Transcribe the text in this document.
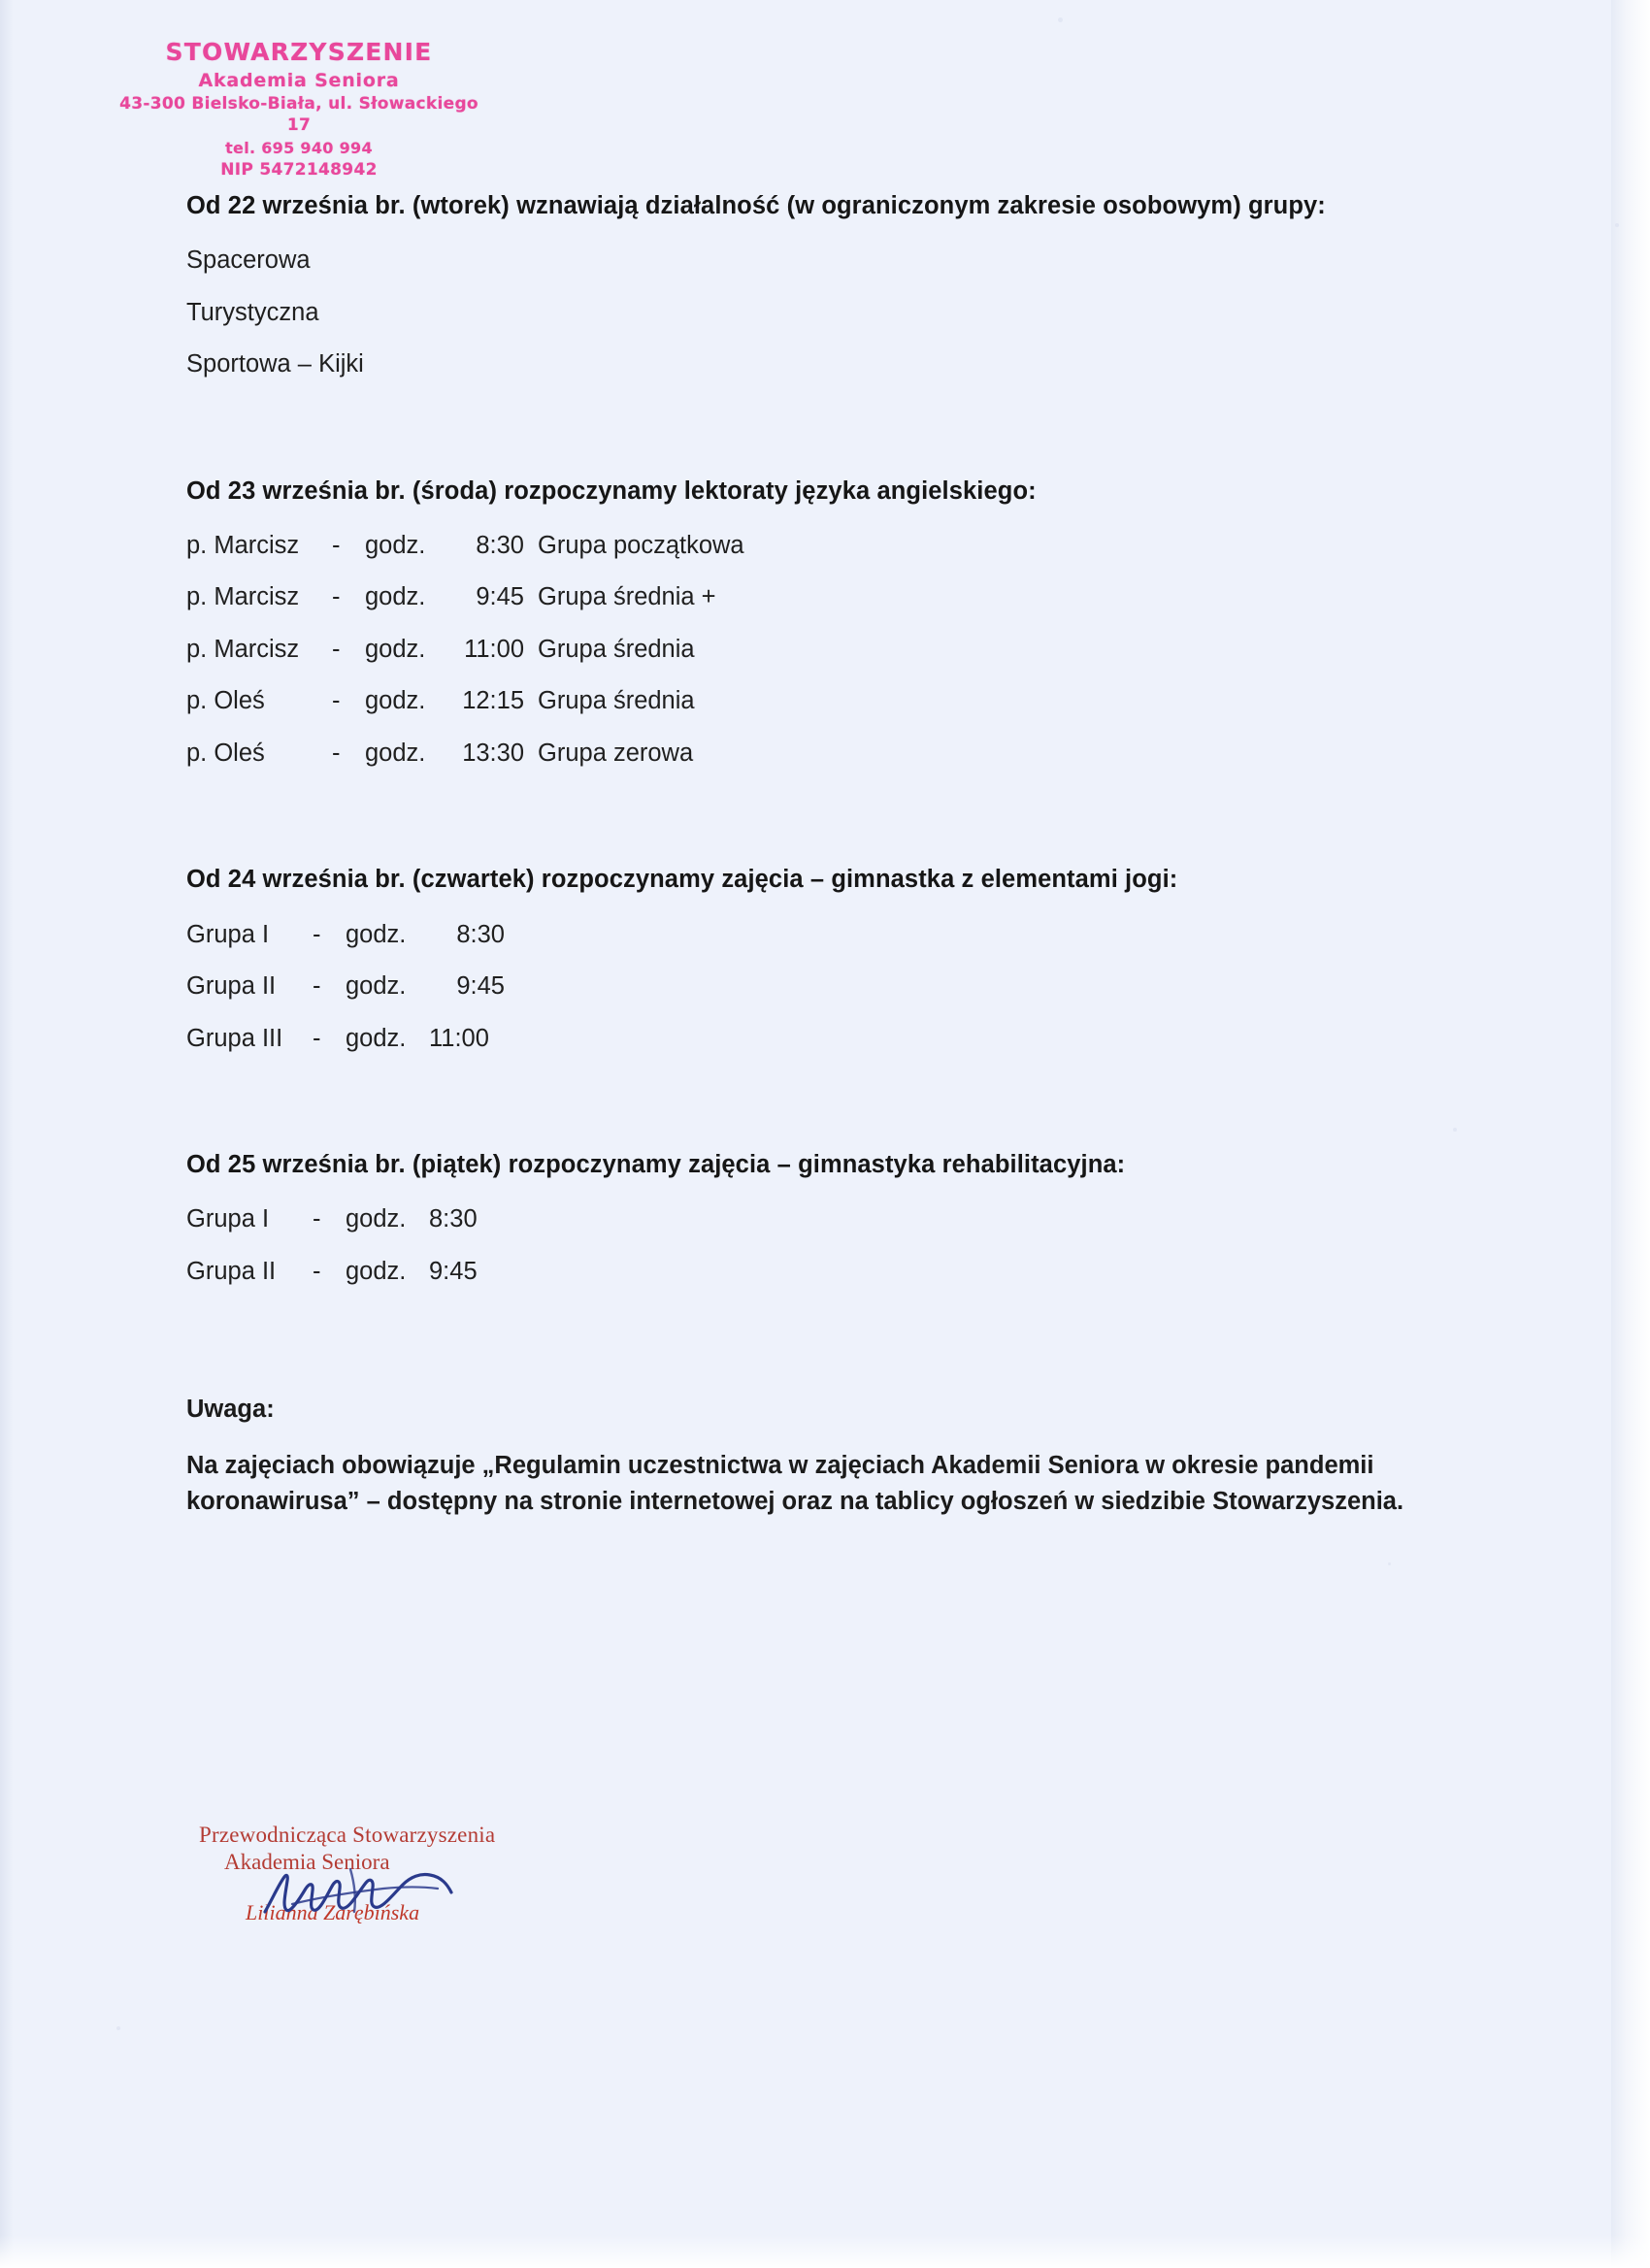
STOWARZYSZENIE
Akademia Seniora
43-300 Bielsko-Biała, ul. Słowackiego 17
tel. 695 940 994
NIP 5472148942

Od 22 września br. (wtorek) wznawiają działalność (w ograniczonym zakresie osobowym) grupy:

Spacerowa

Turystyczna

Sportowa – Kijki

Od 23 września br. (środa) rozpoczynamy lektoraty języka angielskiego:

p. Marcisz - godz. 8:30 Grupa początkowa

p. Marcisz - godz. 9:45 Grupa średnia +

p. Marcisz - godz. 11:00 Grupa średnia

p. Oleś	- godz. 12:15 Grupa średnia

p. Oleś	- godz. 13:30 Grupa zerowa

Od 24 września br. (czwartek) rozpoczynamy zajęcia – gimnastka z elementami jogi:

Grupa I - godz. 8:30

Grupa II - godz. 9:45

Grupa III - godz. 11:00

Od 25 września br. (piątek) rozpoczynamy zajęcia – gimnastyka rehabilitacyjna:

Grupa I - godz. 8:30

Grupa II - godz. 9:45

Uwaga:

Na zajęciach obowiązuje „Regulamin uczestnictwa w zajęciach Akademii Seniora w okresie pandemii koronawirusa” – dostępny na stronie internetowej oraz na tablicy ogłoszeń w siedzibie Stowarzyszenia.

Przewodnicząca Stowarzyszenia
Akademia Seniora
Lilianna Zarębińska
